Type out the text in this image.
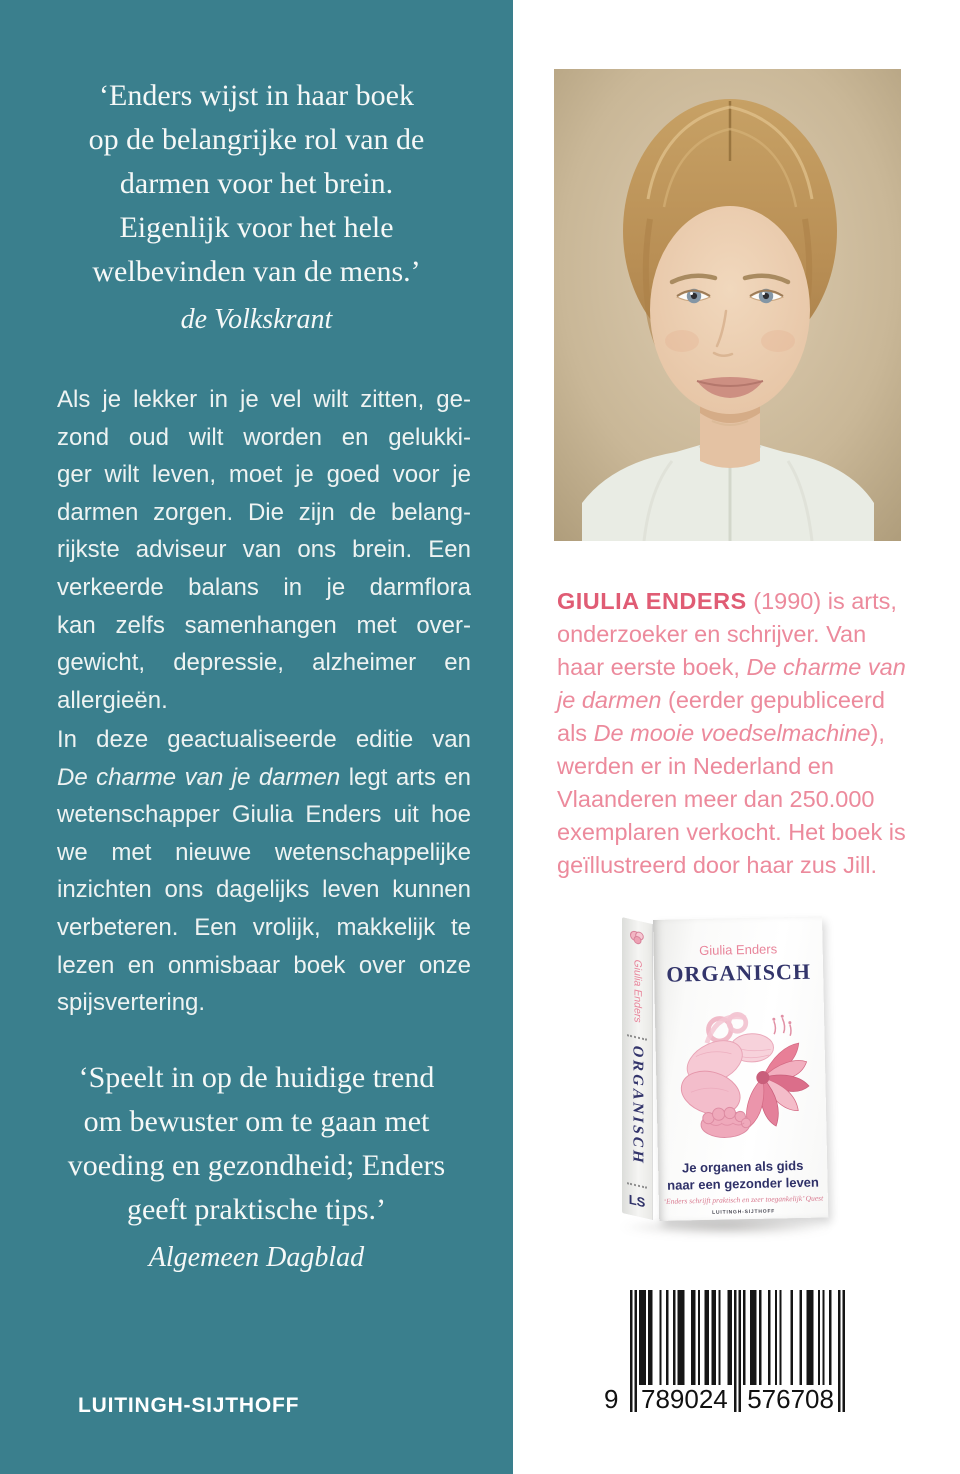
‘Enders wijst in haar boek
op de belangrijke rol van de
darmen voor het brein.
Eigenlijk voor het hele
welbevinden van de mens.’
de Volkskrant
Als je lekker in je vel wilt zitten, ge-
zond oud wilt worden en gelukki-
ger wilt leven, moet je goed voor je
darmen zorgen. Die zijn de belang-
rijkste adviseur van ons brein. Een
verkeerde balans in je darmflora
kan zelfs samenhangen met over-
gewicht, depressie, alzheimer en
allergieën.
In deze geactualiseerde editie van
De charme van je darmen legt arts en
wetenschapper Giulia Enders uit hoe
we met nieuwe wetenschappelijke
inzichten ons dagelijks leven kunnen
verbeteren. Een vrolijk, makkelijk te
lezen en onmisbaar boek over onze
spijsvertering.
‘Speelt in op de huidige trend
om bewuster om te gaan met
voeding en gezondheid; Enders
geeft praktische tips.’
Algemeen Dagblad
LUITINGH-SIJTHOFF
GIULIA ENDERS (1990) is arts,
onderzoeker en schrijver. Van
haar eerste boek, De charme van
je darmen (eerder gepubliceerd
als De mooie voedselmachine),
werden er in Nederland en
Vlaanderen meer dan 250.000
exemplaren verkocht. Het boek is
geïllustreerd door haar zus Jill.
Giulia Enders
ORGANISCH
LS
Giulia Enders
ORGANISCH
Je organen als gids
naar een gezonder leven
‘Enders schrijft praktisch en zeer toegankelijk’ Quest
LUITINGH-SIJTHOFF
9 789024 576708
